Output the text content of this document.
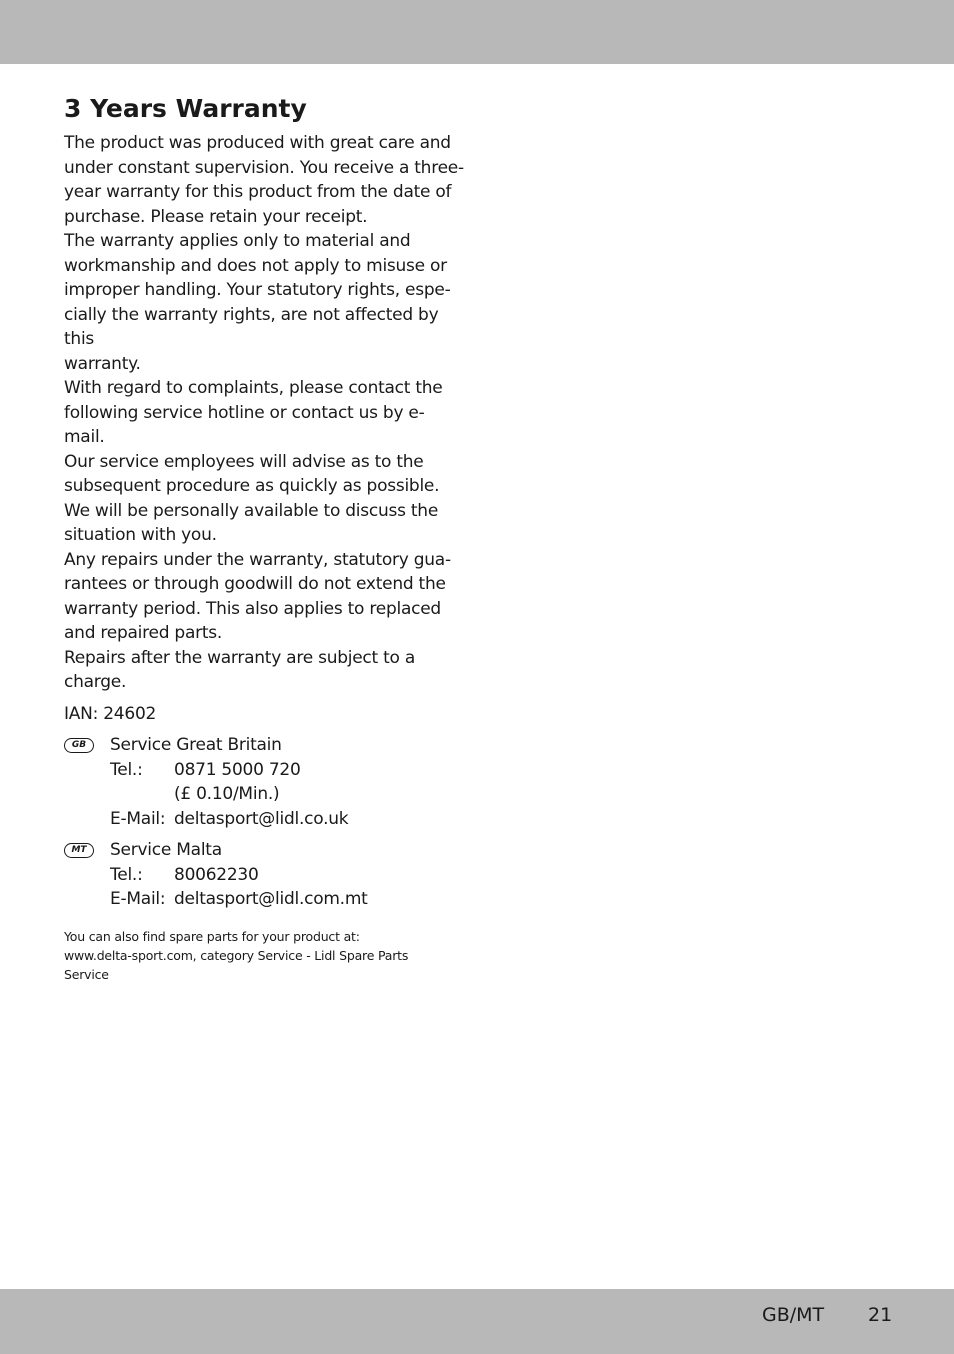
3 Years Warranty
The product was produced with great care and
under constant supervision. You receive a three-
year warranty for this product from the date of
purchase. Please retain your receipt.
The warranty applies only to material and
workmanship and does not apply to misuse or
improper handling. Your statutory rights, espe-
cially the warranty rights, are not affected by this
warranty.
With regard to complaints, please contact the
following service hotline or contact us by e-mail.
Our service employees will advise as to the
subsequent procedure as quickly as possible.
We will be personally available to discuss the
situation with you.
Any repairs under the warranty, statutory gua-
rantees or through goodwill do not extend the
warranty period. This also applies to replaced
and repaired parts.
Repairs after the warranty are subject to a
charge.
IAN: 24602
GB	Service Great Britain
Tel.:	0871 5000 720
(£ 0.10/Min.)
E-Mail: deltasport@lidl.co.uk
MT	Service Malta
Tel.:	80062230
E-Mail: deltasport@lidl.com.mt
You can also find spare parts for your product at:
www.delta-sport.com, category Service - Lidl Spare Parts
Service
GB/MT 21
